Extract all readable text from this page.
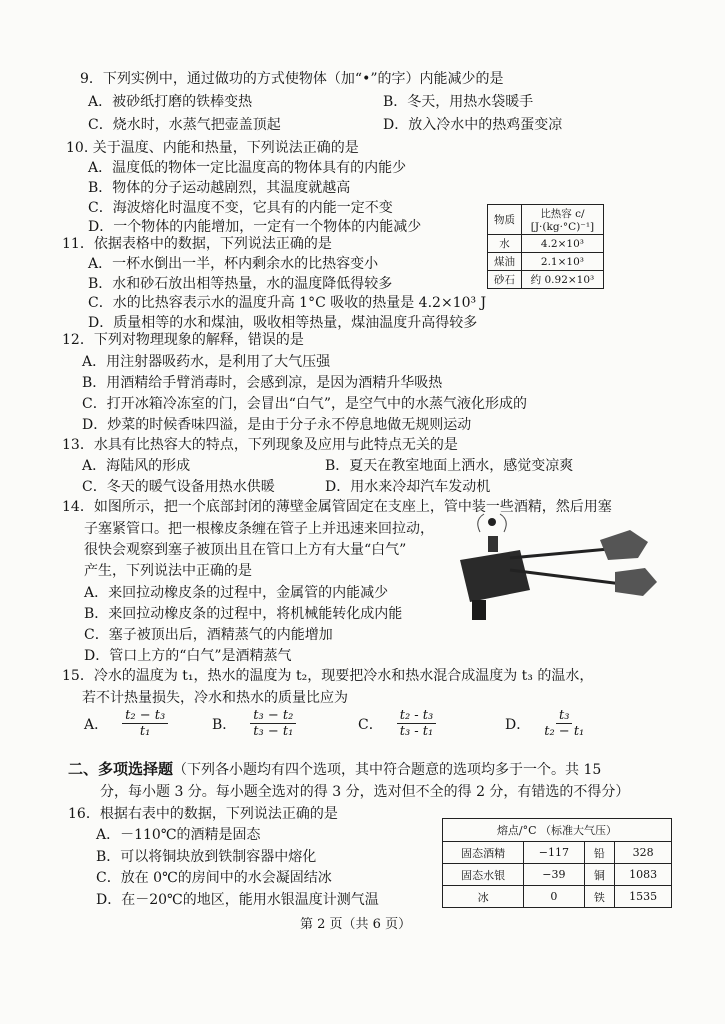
9．下列实例中，通过做功的方式使物体（加“•”的字）内能减少的是
A．被砂纸打磨的铁棒变热	B．冬天，用热水袋暖手
C．烧水时，水蒸气把壶盖顶起	D．放入冷水中的热鸡蛋变凉
10. 关于温度、内能和热量，下列说法正确的是
A．温度低的物体一定比温度高的物体具有的内能少
B．物体的分子运动越剧烈，其温度就越高
C．海波熔化时温度不变，它具有的内能一定不变
D．一个物体的内能增加，一定有一个物体的内能减少	物质	比热容 c/
[J·(kg·°C)⁻¹]
水	4.2×10³
煤油	2.1×10³
砂石	约 0.92×10³
11．依据表格中的数据，下列说法正确的是
A．一杯水倒出一半，杯内剩余水的比热容变小
B．水和砂石放出相等热量，水的温度降低得较多
C．水的比热容表示水的温度升高 1°C 吸收的热量是 4.2×10³ J
D．质量相等的水和煤油，吸收相等热量，煤油温度升高得较多
12．下列对物理现象的解释，错误的是
A．用注射器吸药水，是利用了大气压强
B．用酒精给手臂消毒时，会感到凉，是因为酒精升华吸热
C．打开冰箱冷冻室的门，会冒出“白气”，是空气中的水蒸气液化形成的
D．炒菜的时候香味四溢，是由于分子永不停息地做无规则运动
13．水具有比热容大的特点，下列现象及应用与此特点无关的是
A．海陆风的形成	B．夏天在教室地面上洒水，感觉变凉爽
C．冬天的暖气设备用热水供暖	D．用水来冷却汽车发动机
14．如图所示，把一个底部封闭的薄壁金属管固定在支座上，管中装一些酒精，然后用塞
子塞紧管口。把一根橡皮条缠在管子上并迅速来回拉动，
很快会观察到塞子被顶出且在管口上方有大量“白气”
产生，下列说法中正确的是
A．来回拉动橡皮条的过程中，金属管的内能减少
B．来回拉动橡皮条的过程中，将机械能转化成内能
C．塞子被顶出后，酒精蒸气的内能增加
D．管口上方的“白气”是酒精蒸气
15．冷水的温度为 t₁，热水的温度为 t₂，现要把冷水和热水混合成温度为 t₃ 的温水，
若不计热量损失，冷水和热水的质量比应为
A． $\frac{\text{t₂ − t₃}}{\text{t₁}}$	B． $\frac{\text{t₃ − t₂}}{\text{t₃ − t₁}}$	C． $\frac{\text{t₂ - t₃}}{\text{t₃ - t₁}}$	D． $\frac{\text{t₃}}{\text{t₂ − t₁}}$
二、多项选择题（下列各小题均有四个选项，其中符合题意的选项均多于一个。共 15
分，每小题 3 分。每小题全选对的得 3 分，选对但不全的得 2 分，有错选的不得分）
16．根据右表中的数据，下列说法正确的是
A．－110℃的酒精是固态
B．可以将铜块放到铁制容器中熔化
C．放在 0℃的房间中的水会凝固结冰
D．在－20℃的地区，能用水银温度计测气温
熔点/°C （标准大气压）			
固态酒精	−117	铅	328
固态水银	−39	铜	1083
冰	0	铁	1535
第 2 页（共 6 页）
